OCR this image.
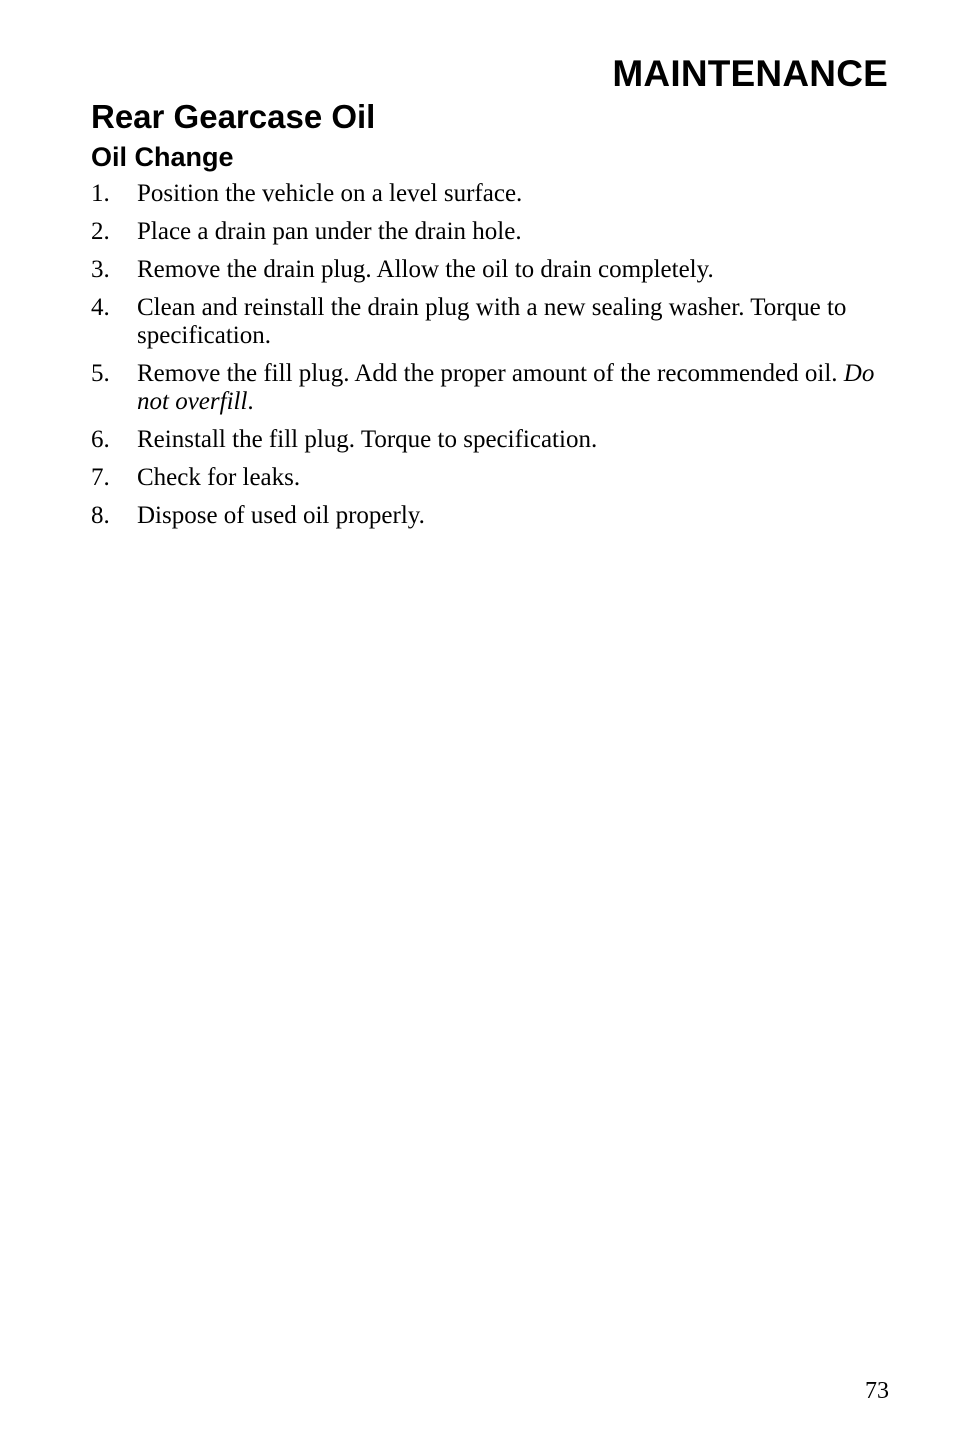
MAINTENANCE
Rear Gearcase Oil
Oil Change
1. Position the vehicle on a level surface.
2. Place a drain pan under the drain hole.
3. Remove the drain plug. Allow the oil to drain completely.
4. Clean and reinstall the drain plug with a new sealing washer. Torque to specification.
5. Remove the fill plug. Add the proper amount of the recommended oil. Do not overfill.
6. Reinstall the fill plug. Torque to specification.
7. Check for leaks.
8. Dispose of used oil properly.

73
